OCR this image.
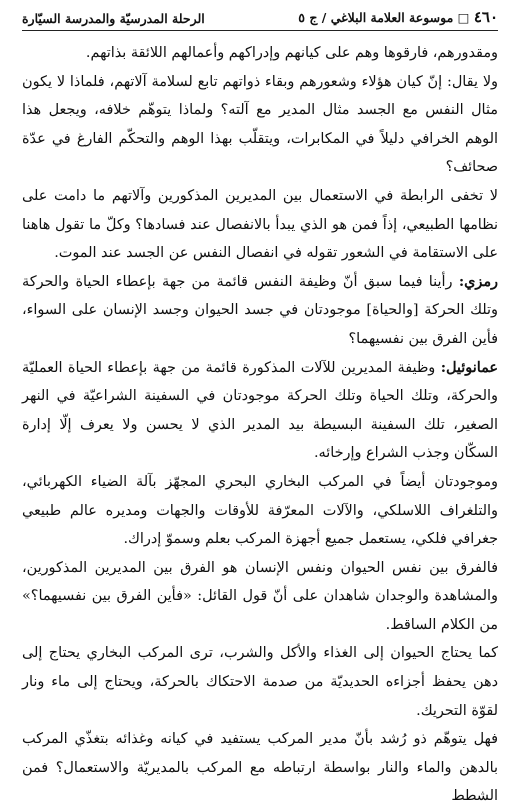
٤٦٠ □ موسوعة العلامة البلاغي / ج ٥
الرحلة المدرسيّة والمدرسة السيّارة

ومقدورهم، فارقوها وهم على كيانهم وإدراكهم وأعمالهم اللائقة بذاتهم.

ولا يقال: إنّ كيان هؤلاء وشعورهم وبقاء ذواتهم تابع لسلامة آلاتهم، فلماذا لا يكون مثال النفس مع الجسد مثال المدير مع آلته؟ ولماذا يتوهّم خلافه، ويجعل هذا الوهم الخرافي دليلاً في المكابرات، ويتقلّب بهذا الوهم والتحكّم الفارغ في عدّة صحائف؟

لا تخفى الرابطة في الاستعمال بين المديرين المذكورين وآلاتهم ما دامت على نظامها الطبيعي، إذاً فمن هو الذي يبدأ بالانفصال عند فسادها؟ وكلّ ما تقول هاهنا على الاستقامة في الشعور تقوله في انفصال النفس عن الجسد عند الموت.

رمزي: رأينا فيما سبق أنّ وظيفة النفس قائمة من جهة بإعطاء الحياة والحركة وتلك الحركة [والحياة] موجودتان في جسد الحيوان وجسد الإنسان على السواء، فأين الفرق بين نفسيهما؟

عمانوئيل: وظيفة المديرين للآلات المذكورة قائمة من جهة بإعطاء الحياة العمليّة والحركة، وتلك الحياة وتلك الحركة موجودتان في السفينة الشراعيّة في النهر الصغير، تلك السفينة البسيطة بيد المدير الذي لا يحسن ولا يعرف إلّا إدارة السكّان وجذب الشراع وإرخائه.

وموجودتان أيضاً في المركب البخاري البحري المجهّز بآلة الضياء الكهربائي، والتلغراف اللاسلكي، والآلات المعرّفة للأوقات والجهات ومديره عالم طبيعي جغرافي فلكي، يستعمل جميع أجهزة المركب بعلم وسموّ إدراك.

فالفرق بين نفس الحيوان ونفس الإنسان هو الفرق بين المديرين المذكورين، والمشاهدة والوجدان شاهدان على أنّ قول القائل: «فأين الفرق بين نفسيهما؟» من الكلام الساقط.

كما يحتاج الحيوان إلى الغذاء والأكل والشرب، ترى المركب البخاري يحتاج إلى دهن يحفظ أجزاءه الحديديّة من صدمة الاحتكاك بالحركة، ويحتاج إلى ماء ونار لقوّة التحريك.

فهل يتوهّم ذو رُشد بأنّ مدير المركب يستفيد في كيانه وغذائه بتغذّي المركب بالدهن والماء والنار بواسطة ارتباطه مع المركب بالمديريّة والاستعمال؟ فمن الشطط
